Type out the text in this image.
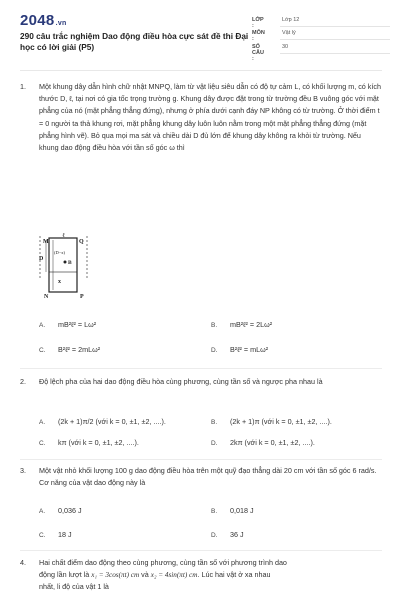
2048.vn
290 câu trắc nghiệm Dao động điều hòa cực sát đề thi Đại học có lời giải (P5)
LỚP :
Lớp 12
MÔN :
Vật lý
SỐ CÂU :
30
1. Một khung dây dẫn hình chữ nhật MNPQ, làm từ vật liệu siêu dẫn có độ tự cảm L, có khối lượng m, có kích thước D, ℓ, tại nơi có gia tốc trọng trường g. Khung dây được đặt trong từ trường đều B vuông góc với mặt phẳng của nó (mặt phẳng thẳng đứng), nhưng ở phía dưới cạnh đáy NP không có từ trường. Ở thời điểm t = 0 người ta thả khung rơi, mặt phẳng khung dây luôn luôn nằm trong một mặt phẳng thẳng đứng (mặt phẳng hình vẽ). Bỏ qua mọi ma sát và chiều dài D đủ lớn để khung dây không ra khỏi từ trường. Nếu khung dao động điều hòa với tần số góc ω thì
M	Q
N	P
D
ℓ
(D−x)
B
x
A. mB²ℓ² = Lω²	B. mB²ℓ² = 2Lω²
C. B²ℓ² = 2mLω²	D. B²ℓ² = mLω²
2. Độ lệch pha của hai dao động điều hòa cùng phương, cùng tần số và ngược pha nhau là
A. (2k + 1)π/2 (với k = 0, ±1, ±2, ....).	B. (2k + 1)π (với k = 0, ±1, ±2, ....).
C. kπ (với k = 0, ±1, ±2, ....).	D. 2kπ (với k = 0, ±1, ±2, ....).
3. Một vật nhỏ khối lượng 100 g dao động điều hòa trên một quỹ đạo thẳng dài 20 cm với tần số góc 6 rad/s. Cơ năng của vật dao động này là
A. 0,036 J	B. 0,018 J
C. 18 J	D. 36 J
4. Hai chất điểm dao động theo cùng phương, cùng tần số với phương trình dao
động lần lượt là x₁ = 3cos(πt) cm và x₂ = 4sin(πt) cm. Lúc hai vật ở xa nhau
nhất, li độ của vật 1 là
